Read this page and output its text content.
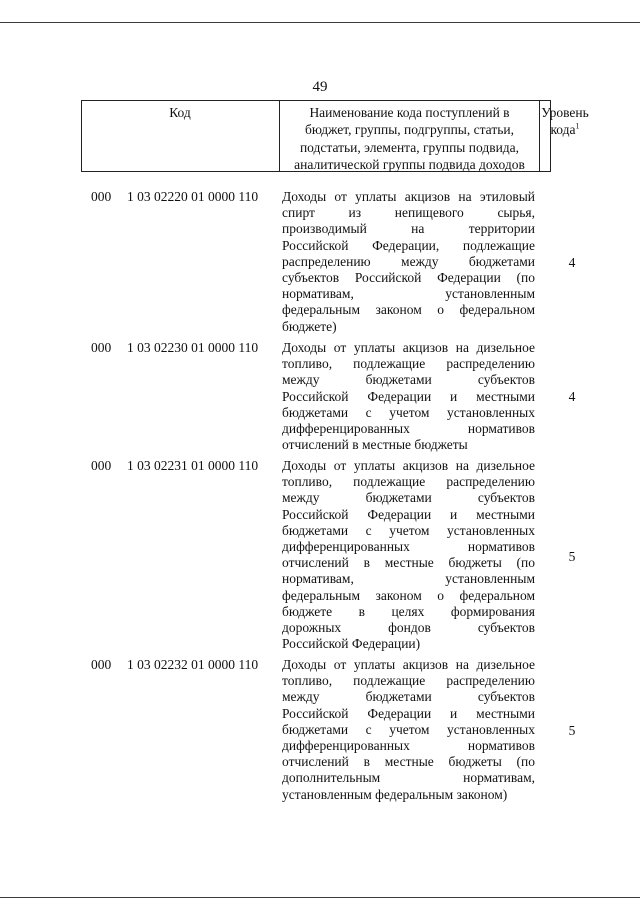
49
Код	Наименование кода поступлений в
бюджет, группы, подгруппы, статьи,
подстатьи, элемента, группы подвида,
аналитической группы подвида доходов
Уровень
кода$^1$
000 1 03 02220 01 0000 110 Доходы от уплаты акцизов на этиловый
спирт из непищевого сырья,
производимый на территории
Российской Федерации, подлежащие
распределению между бюджетами
субъектов Российской Федерации (по
нормативам, установленным
федеральным законом о федеральном
бюджете)
4
000 1 03 02230 01 0000 110 Доходы от уплаты акцизов на дизельное
топливо, подлежащие распределению
между бюджетами субъектов
Российской Федерации и местными
бюджетами с учетом установленных
дифференцированных нормативов
отчислений в местные бюджеты
4
000 1 03 02231 01 0000 110 Доходы от уплаты акцизов на дизельное
топливо, подлежащие распределению
между бюджетами субъектов
Российской Федерации и местными
бюджетами с учетом установленных
дифференцированных нормативов
отчислений в местные бюджеты (по
нормативам, установленным
федеральным законом о федеральном
бюджете в целях формирования
дорожных фондов субъектов
Российской Федерации)
5
000 1 03 02232 01 0000 110 Доходы от уплаты акцизов на дизельное
топливо, подлежащие распределению
между бюджетами субъектов
Российской Федерации и местными
бюджетами с учетом установленных
дифференцированных нормативов
отчислений в местные бюджеты (по
дополнительным нормативам,
установленным федеральным законом)
5
